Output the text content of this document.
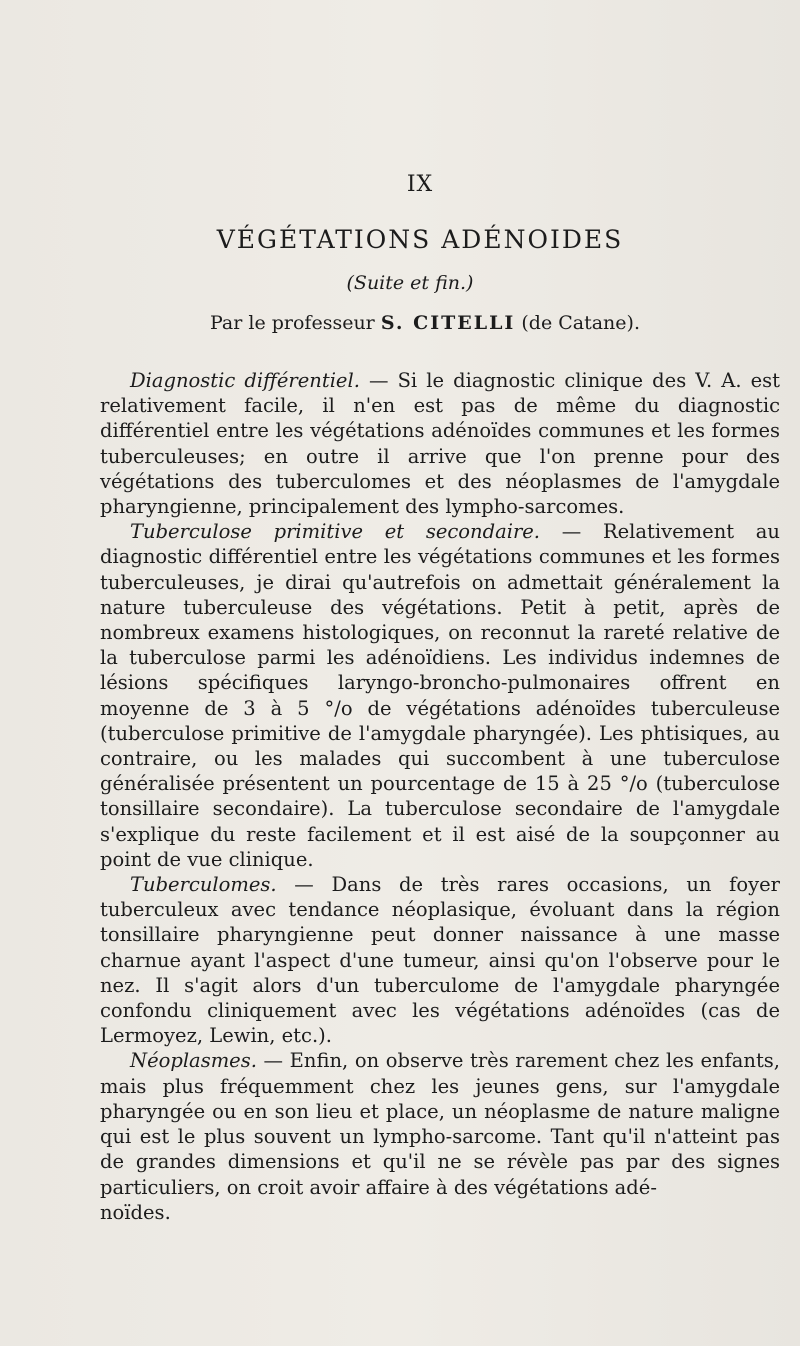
IX
VÉGÉTATIONS ADÉNOIDES
(Suite et fin.)
Par le professeur S. CITELLI (de Catane).

Diagnostic différentiel. — Si le diagnostic clinique des V. A. est relativement facile, il n'en est pas de même du diagnostic différentiel entre les végétations adénoïdes communes et les formes tuberculeuses; en outre il arrive que l'on prenne pour des végétations des tuberculomes et des néoplasmes de l'amygdale pharyngienne, principalement des lympho-sarcomes.

Tuberculose primitive et secondaire. — Relativement au diagnostic différentiel entre les végétations communes et les formes tuberculeuses, je dirai qu'autrefois on admettait généralement la nature tuberculeuse des végétations. Petit à petit, après de nombreux examens histologiques, on reconnut la rareté relative de la tuberculose parmi les adénoïdiens. Les individus indemnes de lésions spécifiques laryngo-broncho-pulmonaires offrent en moyenne de 3 à 5 °/o de végétations adénoïdes tuberculeuse (tuberculose primitive de l'amygdale pharyngée). Les phtisiques, au contraire, ou les malades qui succombent à une tuberculose généralisée présentent un pourcentage de 15 à 25 °/o (tuberculose tonsillaire secondaire). La tuberculose secondaire de l'amygdale s'explique du reste facilement et il est aisé de la soupçonner au point de vue clinique.

Tuberculomes. — Dans de très rares occasions, un foyer tuberculeux avec tendance néoplasique, évoluant dans la région tonsillaire pharyngienne peut donner naissance à une masse charnue ayant l'aspect d'une tumeur, ainsi qu'on l'observe pour le nez. Il s'agit alors d'un tuberculome de l'amygdale pharyngée confondu cliniquement avec les végétations adénoïdes (cas de Lermoyez, Lewin, etc.).

Néoplasmes. — Enfin, on observe très rarement chez les enfants, mais plus fréquemment chez les jeunes gens, sur l'amygdale pharyngée ou en son lieu et place, un néoplasme de nature maligne qui est le plus souvent un lympho-sarcome. Tant qu'il n'atteint pas de grandes dimensions et qu'il ne se révèle pas par des signes particuliers, on croit avoir affaire à des végétations adé-

noïdes.
